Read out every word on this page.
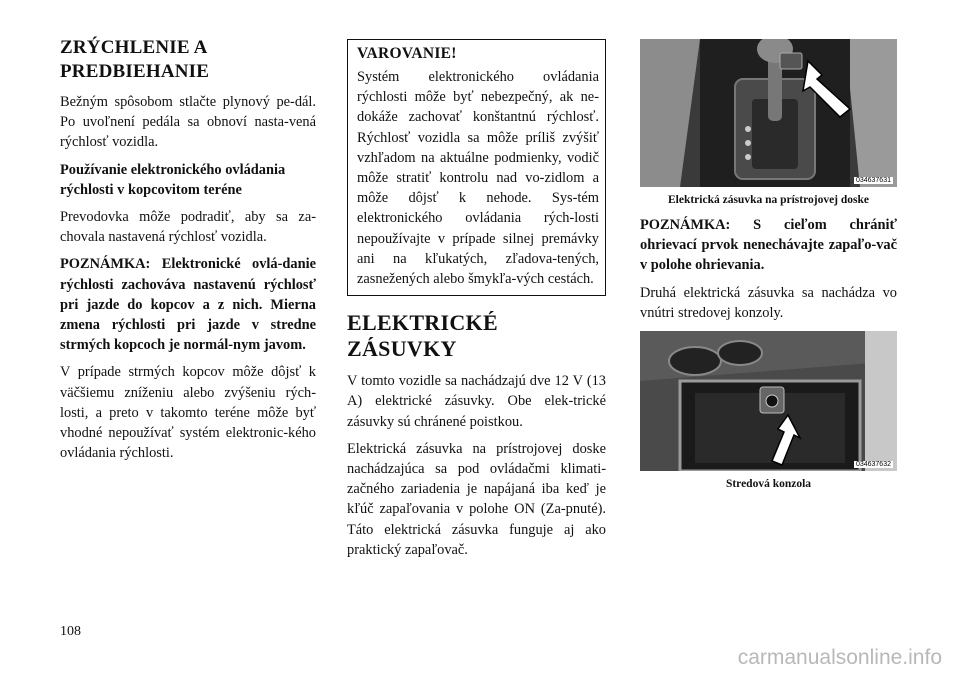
ZRÝCHLENIE A PREDBIEHANIE

Bežným spôsobom stlačte plynový pe-dál. Po uvoľnení pedála sa obnoví nasta-vená rýchlosť vozidla.

Používanie elektronického ovládania rýchlosti v kopcovitom teréne

Prevodovka môže podradiť, aby sa za-chovala nastavená rýchlosť vozidla.

POZNÁMKA: Elektronické ovlá-danie rýchlosti zachováva nastavenú rýchlosť pri jazde do kopcov a z nich. Mierna zmena rýchlosti pri jazde v stredne strmých kopcoch je normál-nym javom.

V prípade strmých kopcov môže dôjsť k väčšiemu zníženiu alebo zvýšeniu rých-losti, a preto v takomto teréne môže byť vhodné nepoužívať systém elektronic-kého ovládania rýchlosti.

VAROVANIE!

Systém elektronického ovládania rýchlosti môže byť nebezpečný, ak ne-dokáže zachovať konštantnú rýchlosť. Rýchlosť vozidla sa môže príliš zvýšiť vzhľadom na aktuálne podmienky, vodič môže stratiť kontrolu nad vo-zidlom a môže dôjsť k nehode. Sys-tém elektronického ovládania rých-losti nepoužívajte v prípade silnej premávky ani na kľukatých, zľadova-tených, zasnežených alebo šmykľa-vých cestách.

ELEKTRICKÉ ZÁSUVKY

V tomto vozidle sa nachádzajú dve 12 V (13 A) elektrické zásuvky. Obe elek-trické zásuvky sú chránené poistkou.

Elektrická zásuvka na prístrojovej doske nachádzajúca sa pod ovládačmi klimati-začného zariadenia je napájaná iba keď je kľúč zapaľovania v polohe ON (Za-pnuté). Táto elektrická zásuvka funguje aj ako praktický zapaľovač.

034637631
Elektrická zásuvka na prístrojovej doske

POZNÁMKA: S cieľom chrániť ohrievací prvok nenechávajte zapaľo-vač v polohe ohrievania.

Druhá elektrická zásuvka sa nachádza vo vnútri stredovej konzoly.

034637632
Stredová konzola
108
carmanualsonline.info
